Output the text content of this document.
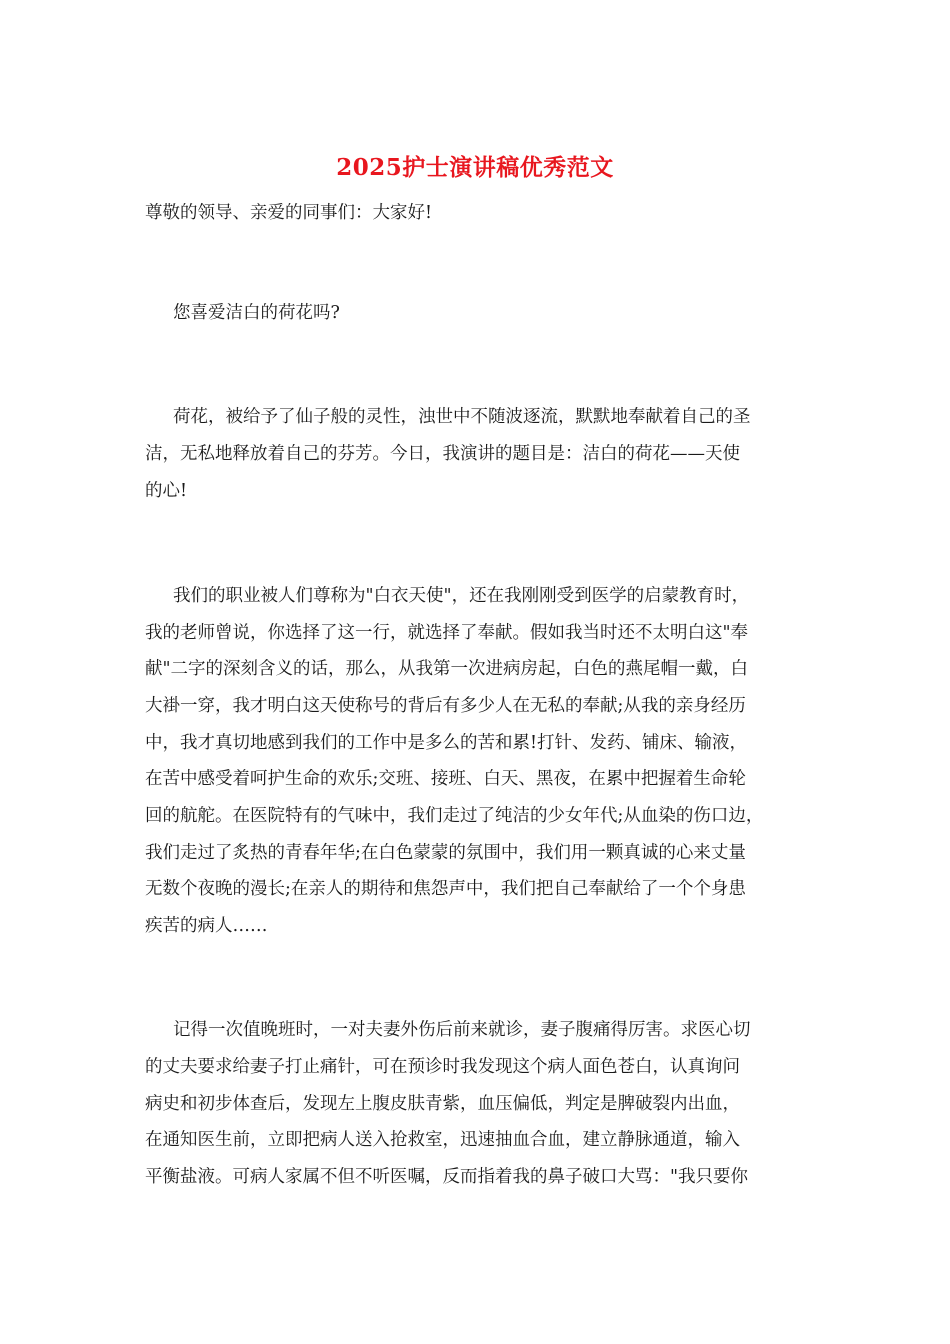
2025护士演讲稿优秀范文
尊敬的领导、亲爱的同事们：大家好!
您喜爱洁白的荷花吗?
荷花，被给予了仙子般的灵性，浊世中不随波逐流，默默地奉献着自己的圣
洁，无私地释放着自己的芬芳。今日，我演讲的题目是：洁白的荷花——天使
的心!
我们的职业被人们尊称为"白衣天使"，还在我刚刚受到医学的启蒙教育时，
我的老师曾说，你选择了这一行，就选择了奉献。假如我当时还不太明白这"奉
献"二字的深刻含义的话，那么，从我第一次进病房起，白色的燕尾帽一戴，白
大褂一穿，我才明白这天使称号的背后有多少人在无私的奉献;从我的亲身经历
中，我才真切地感到我们的工作中是多么的苦和累!打针、发药、铺床、输液，
在苦中感受着呵护生命的欢乐;交班、接班、白天、黑夜，在累中把握着生命轮
回的航舵。在医院特有的气味中，我们走过了纯洁的少女年代;从血染的伤口边，
我们走过了炙热的青春年华;在白色蒙蒙的氛围中，我们用一颗真诚的心来丈量
无数个夜晚的漫长;在亲人的期待和焦怨声中，我们把自己奉献给了一个个身患
疾苦的病人……
记得一次值晚班时，一对夫妻外伤后前来就诊，妻子腹痛得厉害。求医心切
的丈夫要求给妻子打止痛针，可在预诊时我发现这个病人面色苍白，认真询问
病史和初步体查后，发现左上腹皮肤青紫，血压偏低，判定是脾破裂内出血，
在通知医生前，立即把病人送入抢救室，迅速抽血合血，建立静脉通道，输入
平衡盐液。可病人家属不但不听医嘱，反而指着我的鼻子破口大骂："我只要你
